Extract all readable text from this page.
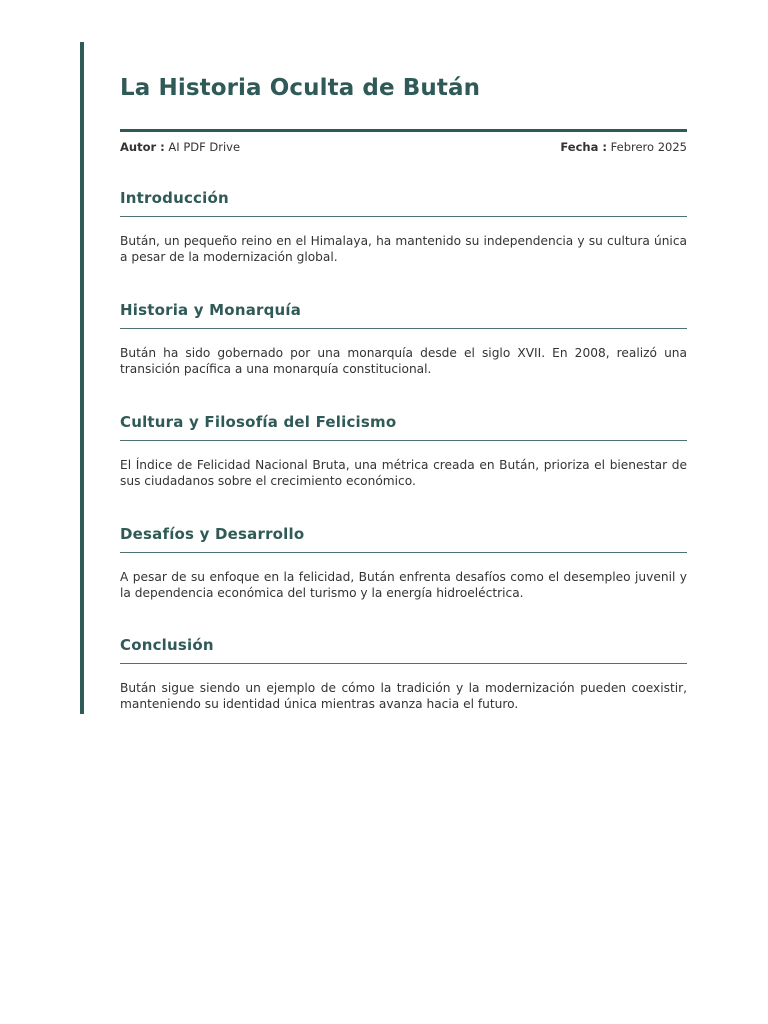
La Historia Oculta de Bután
Autor : AI PDF Drive	Fecha : Febrero 2025
Introducción

Bután, un pequeño reino en el Himalaya, ha mantenido su independencia y su cultura única a pesar de la modernización global.

Historia y Monarquía

Bután ha sido gobernado por una monarquía desde el siglo XVII. En 2008, realizó una transición pacífica a una monarquía constitucional.

Cultura y Filosofía del Felicismo

El Índice de Felicidad Nacional Bruta, una métrica creada en Bután, prioriza el bienestar de sus ciudadanos sobre el crecimiento económico.

Desafíos y Desarrollo

A pesar de su enfoque en la felicidad, Bután enfrenta desafíos como el desempleo juvenil y la dependencia económica del turismo y la energía hidroeléctrica.

Conclusión

Bután sigue siendo un ejemplo de cómo la tradición y la modernización pueden coexistir, manteniendo su identidad única mientras avanza hacia el futuro.
